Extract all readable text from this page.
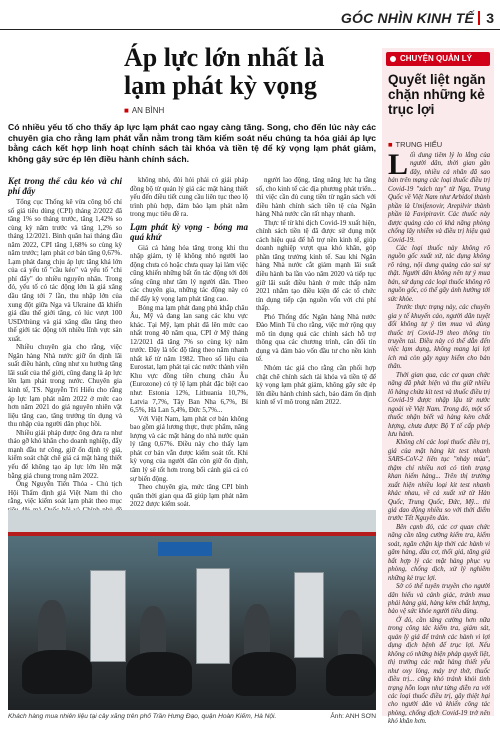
GÓC NHÌN KINH TẾ 3
Áp lực lớn nhất là lạm phát kỳ vọng
■ AN BÌNH
Có nhiều yếu tố cho thấy áp lực lạm phát cao ngay càng tăng. Song, cho đến lúc này các chuyên gia cho rằng lạm phát vẫn nằm trong tầm kiểm soát nếu chúng ta hóa giải áp lực bằng cách kết hợp linh hoạt chính sách tài khóa và tiền tệ để kỳ vọng lạm phát giảm, không gây sức ép lên điều hành chính sách.
Kẹt trong thế câu kéo và chi phí đẩy

Tổng cục Thống kê vừa công bố chỉ số giá tiêu dùng (CPI) tháng 2/2022 đã tăng 1% so tháng trước, tăng 1,42% so cùng kỳ năm trước và tăng 1,2% so tháng 12/2021. Bình quân hai tháng đầu năm 2022, CPI tăng 1,68% so cùng kỳ năm trước; lạm phát cơ bản tăng 0,67%. Lạm phát đang chịu áp lực tăng khá lớn của cả yếu tố "cầu kéo" và yếu tố "chi phí đẩy" do nhiều nguyên nhân. Trong đó, yếu tố có tác động lớn là giá xăng dầu tăng tới 7 lần, thu nhập lớn của xung đột giữa Nga và Ukraine đã khiến giá dầu thế giới tăng, có lúc vượt 100 USD/thùng và giá xăng dầu tăng theo thế giới tác động tới nhiều lĩnh vực sản xuất.

Nhiều chuyên gia cho rằng, việc Ngân hàng Nhà nước giữ ổn định lãi suất điều hành, cũng như xu hướng tăng lãi suất của thế giới, cũng đang là áp lực lên lạm phát trong nước. Chuyên gia kinh tế, TS. Nguyễn Trí Hiếu cho rằng áp lực lạm phát năm 2022 ở mức cao hơn năm 2021 do giá nguyên nhiên vật liệu tăng cao, tăng trưởng tín dụng và thu nhập của người dân phục hồi.

Nhiều giải pháp được ông đưa ra như tháo gỡ khó khăn cho doanh nghiệp, đẩy mạnh đầu tư công, giữ ổn định tỷ giá, kiểm soát chặt chẽ giá cả mặt hàng thiết yếu để không tạo áp lực lớn lên mặt bằng giá chung trong năm 2022.

Ông Nguyễn Tiến Thỏa - Chủ tịch Hội Thẩm định giá Việt Nam thì cho rằng, việc kiểm soát lạm phát theo mục

không nhỏ, đòi hỏi phải có giải pháp đồng bộ từ quản lý giá các mặt hàng thiết yếu đến điều tiết cung cầu liên tục theo lộ trình phù hợp, đảm bảo lạm phát nằm trong mục tiêu đề ra.

Lạm phát kỳ vọng - bóng ma quá khứ

Giá cả hàng hóa tăng trong khi thu nhập giảm, tỷ lệ không nhỏ người lao động chưa có hoặc chưa quay lại làm việc cũng khiến những bất ổn tác động tới đời sống cũng như tâm lý người dân. Theo các chuyên gia, những tác động này có thể đẩy kỳ vọng lạm phát tăng cao.

Bóng ma lạm phát đang phủ khắp châu Âu, Mỹ và đang lan sang các khu vực khác. Tại Mỹ, lạm phát đã lên mức cao nhất trong 40 năm qua, CPI ở Mỹ tháng 12/2021 đã tăng 7% so cùng kỳ năm trước. Đây là tốc độ tăng theo năm nhanh nhất kể từ năm 1982. Theo số liệu của Eurostat, lạm phát tại các nước thành viên Khu vực đồng tiền chung châu Âu (Eurozone) có tỷ lệ lạm phát đặc biệt cao như: Estonia 12%, Lithuania 10,7%, Latvia 7,7%, Tây Ban Nha 6,7%, Bỉ 6,5%, Hà Lan 5,4%, Đức 5,7%...

Với Việt Nam, lạm phát cơ bản không bao gồm giá lương thực, thực phẩm, năng lượng và các mặt hàng do nhà nước quản lý tăng 0,67%. Điều này cho thấy lạm phát cơ bản vẫn được kiểm soát tốt. Khi kỳ vọng của người dân còn giữ ổn định, tâm lý sẽ tốt hơn trong bối cảnh giá cả có sự biến động.

Theo chuyên gia, mức tăng CPI bình quân thời gian qua đã giúp lạm phát năm 2022 được kiểm soát.

người lao động, tăng năng lực hạ tầng số, cho kinh tế các địa phương phát triển... thì việc cần đủ cung tiền từ ngân sách với điều hành chính sách tiền tệ của Ngân hàng Nhà nước cần rất nhạy nhanh.

Thực tế từ khi dịch Covid-19 xuất hiện, chính sách tiền tệ đã được sử dụng một cách hiệu quả để hỗ trợ nền kinh tế, giúp doanh nghiệp vượt qua khó khăn, góp phần tăng trưởng kinh tế. Sau khi Ngân hàng Nhà nước cắt giảm mạnh lãi suất điều hành ba lần vào năm 2020 và tiếp tục giữ lãi suất điều hành ở mức thấp năm 2021 nhằm tạo điều kiện để các tổ chức tín dụng tiếp cận nguồn vốn với chi phí thấp.

Phó Thống đốc Ngân hàng Nhà nước Đào Minh Tú cho rằng, việc mở rộng quy mô tín dụng quá các chính sách hỗ trợ thông qua các chương trình, cân đối tín dụng và đảm bảo vốn đầu tư cho nền kinh tế.

Nhóm tác giả cho rằng cần phối hợp chặt chẽ chính sách tài khóa và tiền tệ để kỳ vọng lạm phát giảm, không gây sức ép lên điều hành chính sách, bảo đảm ổn định kinh tế vĩ mô trong năm 2022.

Khách hàng mua nhiên liệu tại cây xăng trên phố Trần Hưng Đạo, quận Hoàn Kiếm, Hà Nội.	Ảnh: ANH SƠN
CHUYỆN QUẢN LÝ
Quyết liệt ngăn chặn những kẻ trục lợi
■ TRUNG HIẾU

Lối dung tiêm lý lo lắng của người dân, thời gian gần đây, nhiều cá nhân đã sao bán trên mạng các loại thuốc điều trị Covid-19 "xách tay" từ Nga, Trung Quốc về Việt Nam như Arbidol thành phần là Umifenovir, Arepilvir thành phần là Favipiravir. Các thuốc này được quảng cáo có khả năng phòng chống lây nhiễm và điều trị hiệu quả Covid-19.

Các loại thuốc này không rõ nguồn gốc xuất xứ, tác dụng không rõ ràng, nội dung quảng cáo sai sự thật. Người dân không nên tự ý mua bán, sử dụng các loại thuốc không rõ nguồn gốc, có thể gây ảnh hưởng tới sức khỏe.

Trước thực trạng này, các chuyên gia y tế khuyến cáo, người dân tuyệt đối không tự ý tìm mua và dùng thuốc trị Covid-19 theo thông tin truyền tai. Điều này có thể dẫn đến việc lạm dụng, không mang lại lợi ích mà còn gây nguy hiểm cho bản thân.

Thời gian qua, các cơ quan chức năng đã phát hiện và thu giữ nhiều lô hàng chứa kit test và thuốc điều trị Covid-19 được nhập lậu từ nước ngoài về Việt Nam. Trong đó, một số thuốc nhận biết và hàng kém chất lượng, chưa được Bộ Y tế cấp phép lưu hành.

Không chỉ các loại thuốc điều trị, giá của mặt hàng kit test nhanh SARS-CoV-2 liên tục "nhảy múa", thậm chí nhiều nơi có tình trạng khan hiếm hàng... Trên thị trường xuất hiện nhiều loại kit test nhanh khác nhau, về cả xuất xứ từ Hàn Quốc, Trung Quốc, Đức, Mỹ... thì giá dao động nhiều so với thời điểm trước Tết Nguyên đán.

Bên cạnh đó, các cơ quan chức năng cần tăng cường kiểm tra, kiểm soát, ngăn chặn kịp thời các hành vi găm hàng, đầu cơ, thổi giá, tăng giá bất hợp lý các mặt hàng phục vụ phòng, chống dịch, xử lý nghiêm những kẻ trục lợi.

Sở có thể tuyên truyền cho người dân hiểu và cảnh giác, tránh mua phải hàng giả, hàng kém chất lượng, bảo vệ sức khỏe người tiêu dùng.

Ở đó, cần tăng cường hơn nữa trong công tác kiểm tra, giám sát, quản lý giá để tránh các hành vi lợi dụng dịch bệnh để trục lợi. Nếu không có những biện pháp quyết liệt, thị trường các mặt hàng thiết yếu như oxy lỏng, máy trợ thở, thuốc điều trị... cũng khó tránh khỏi tình trạng hỗn loạn như từng diễn ra với các loại thuốc điều trị, gây thiệt hại cho người dân và khiến công tác phòng, chống dịch Covid-19 trở nên khó khăn hơn.
